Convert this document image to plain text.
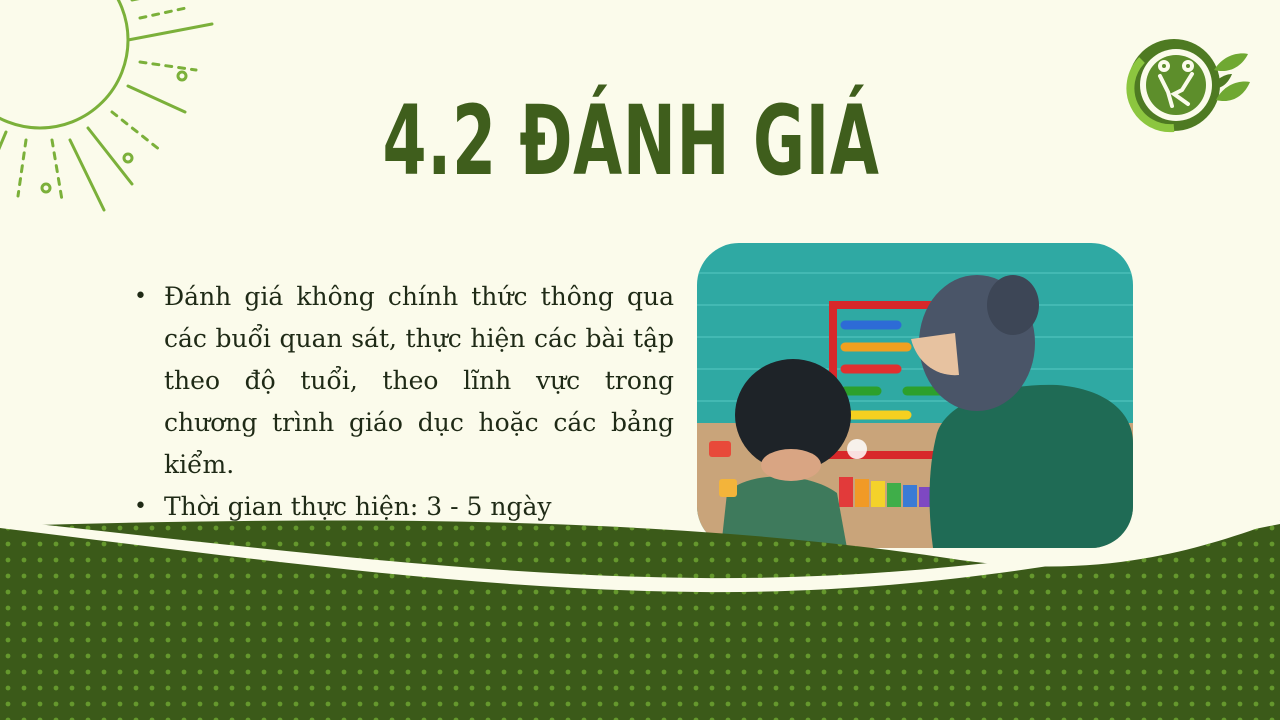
4.2 ĐÁNH GIÁ
• Đánh giá không chính thức thông qua các buổi quan sát, thực hiện các bài tập theo độ tuổi, theo lĩnh vực trong chương trình giáo dục hoặc các bảng kiểm.
• Thời gian thực hiện: 3 - 5 ngày
